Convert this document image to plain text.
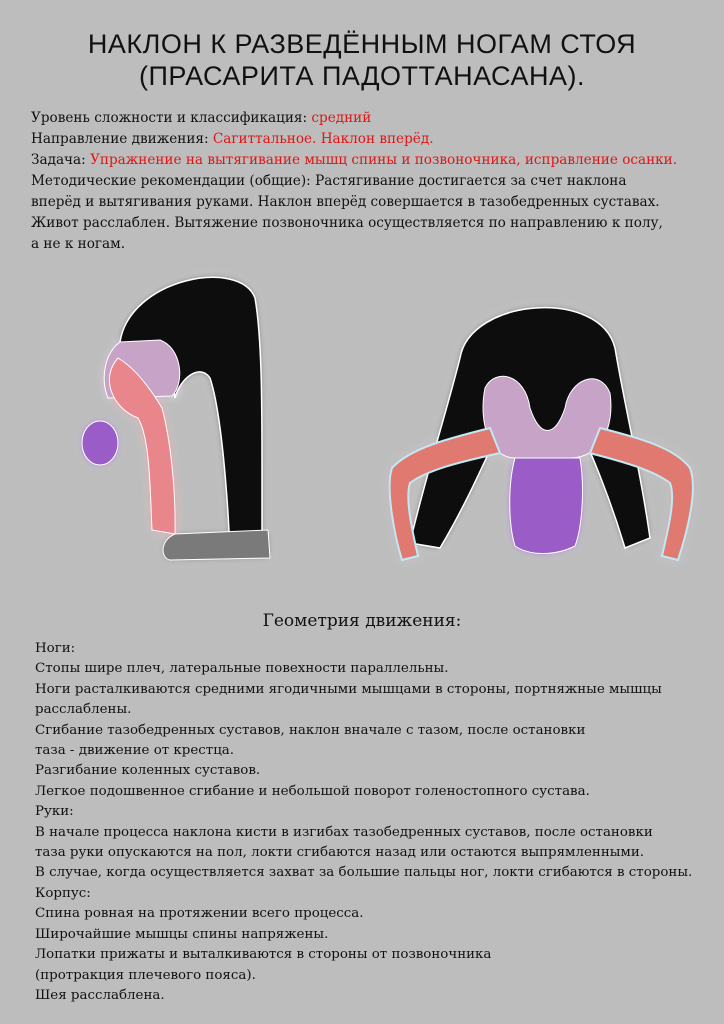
НАКЛОН К РАЗВЕДЁННЫМ НОГАМ СТОЯ
(ПРАСАРИТА ПАДОТТАНАСАНА).
Уровень сложности и классификация: средний
Направление движения: Сагиттальное. Наклон вперёд.
Задача: Упражнение на вытягивание мышц спины и позвоночника, исправление осанки.
Методические рекомендации (общие): Растягивание достигается за счет наклона
вперёд и вытягивания руками. Наклон вперёд совершается в тазобедренных суставах.
Живот расслаблен. Вытяжение позвоночника осуществляется по направлению к полу,
а не к ногам.
Геометрия движения:
Ноги:
Стопы шире плеч, латеральные повехности параллельны.
Ноги расталкиваются средними ягодичными мышцами в стороны, портняжные мышцы
расслаблены.
Сгибание тазобедренных суставов, наклон вначале с тазом, после остановки
таза - движение от крестца.
Разгибание коленных суставов.
Легкое подошвенное сгибание и небольшой поворот голеностопного сустава.
Руки:
В начале процесса наклона кисти в изгибах тазобедренных суставов, после остановки
таза руки опускаются на пол, локти сгибаются назад или остаются выпрямленными.
В случае, когда осуществляется захват за большие пальцы ног, локти сгибаются в стороны.
Корпус:
Спина ровная на протяжении всего процесса.
Широчайшие мышцы спины напряжены.
Лопатки прижаты и выталкиваются в стороны от позвоночника
(протракция плечевого пояса).
Шея расслаблена.
